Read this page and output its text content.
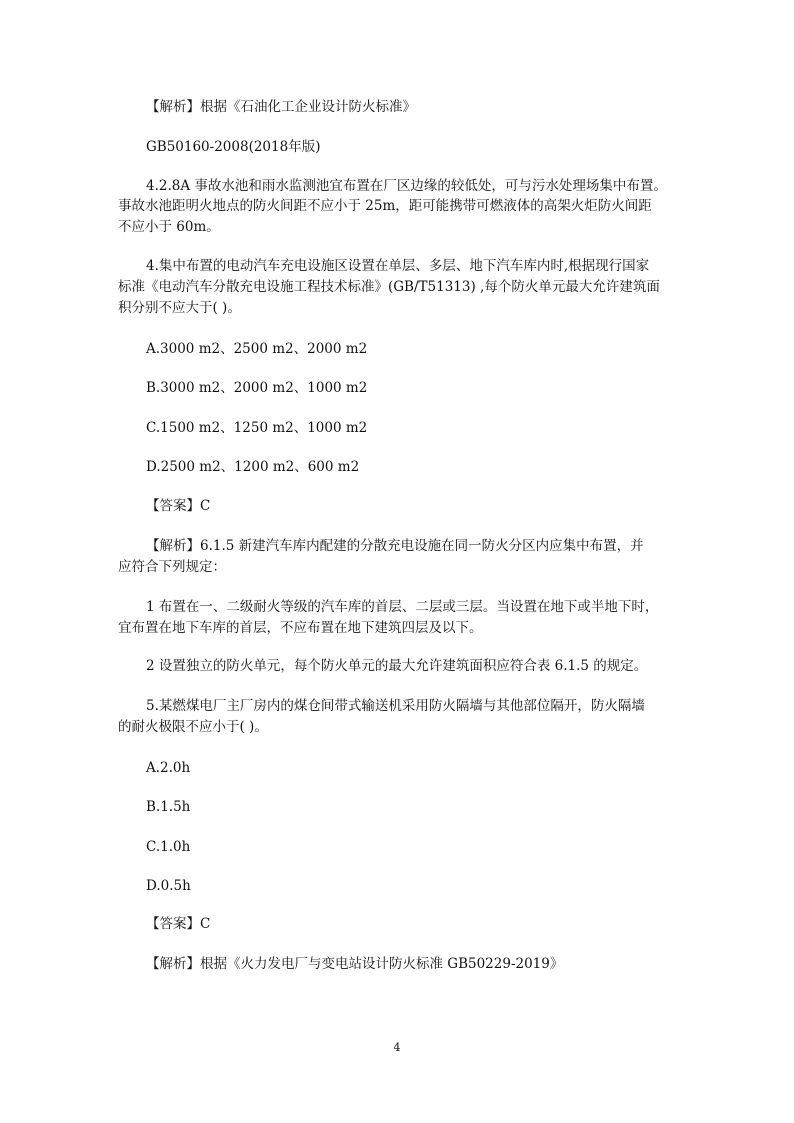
【解析】根据《石油化工企业设计防火标准》
GB50160-2008(2018年版)
4.2.8A 事故水池和雨水监测池宜布置在厂区边缘的较低处，可与污水处理场集中布置。
事故水池距明火地点的防火间距不应小于 25m，距可能携带可燃液体的高架火炬防火间距
不应小于 60m。
4.集中布置的电动汽车充电设施区设置在单层、多层、地下汽车库内时,根据现行国家
标准《电动汽车分散充电设施工程技术标准》(GB/T51313) ,每个防火单元最大允许建筑面
积分别不应大于( )。
A.3000 m2、2500 m2、2000 m2
B.3000 m2、2000 m2、1000 m2
C.1500 m2、1250 m2、1000 m2
D.2500 m2、1200 m2、600 m2
【答案】C
【解析】6.1.5 新建汽车库内配建的分散充电设施在同一防火分区内应集中布置，并
应符合下列规定：
1 布置在一、二级耐火等级的汽车库的首层、二层或三层。当设置在地下或半地下时，
宜布置在地下车库的首层，不应布置在地下建筑四层及以下。
2 设置独立的防火单元，每个防火单元的最大允许建筑面积应符合表 6.1.5 的规定。
5.某燃煤电厂主厂房内的煤仓间带式输送机采用防火隔墙与其他部位隔开，防火隔墙
的耐火极限不应小于( )。
A.2.0h
B.1.5h
C.1.0h
D.0.5h
【答案】C
【解析】根据《火力发电厂与变电站设计防火标准 GB50229-2019》
4
